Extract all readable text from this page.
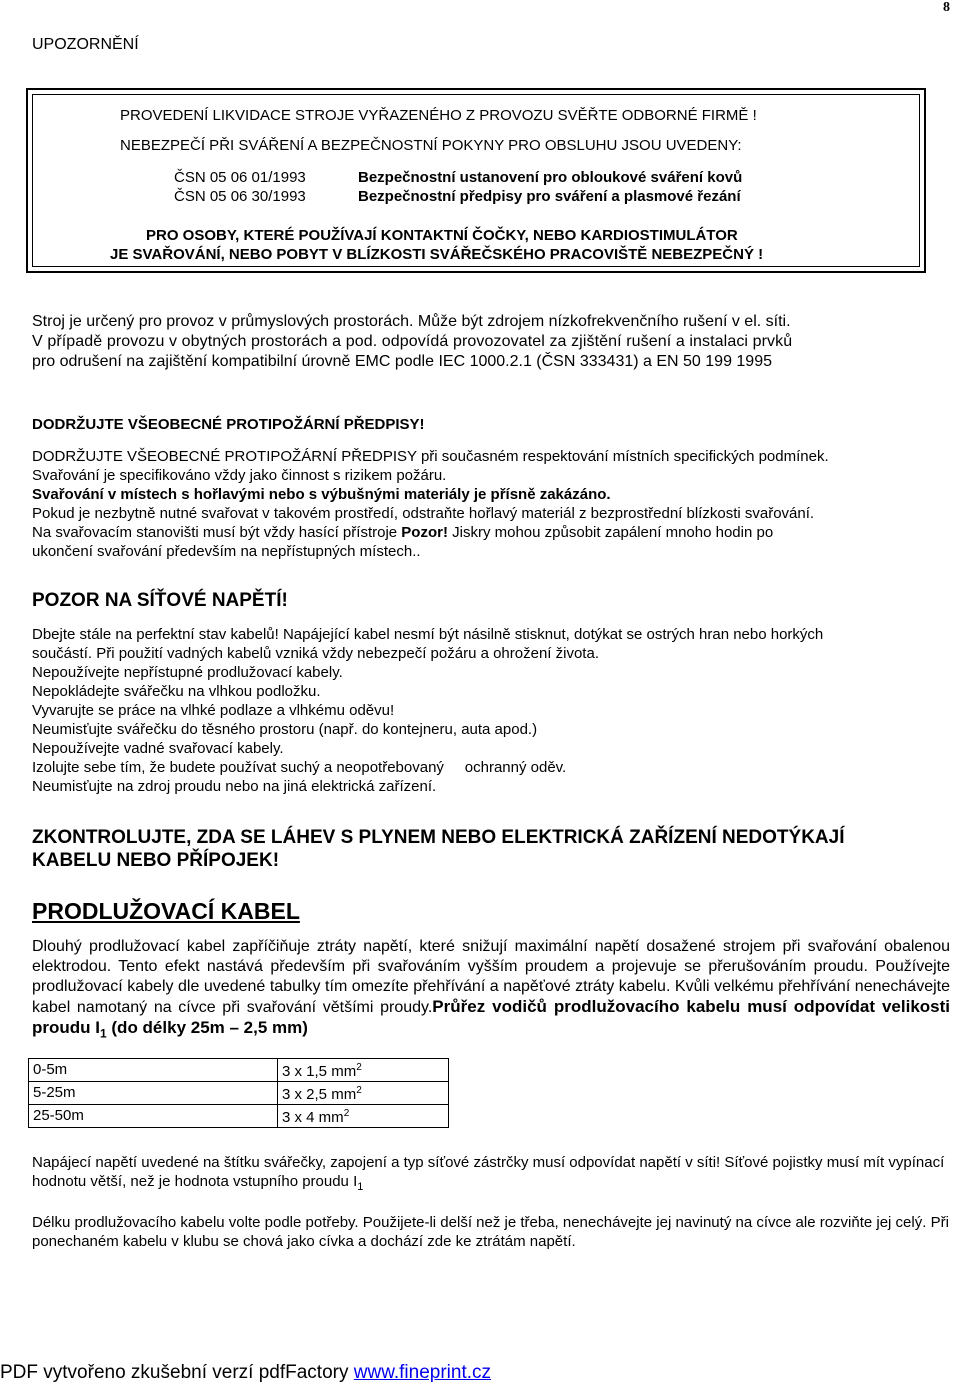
8
UPOZORNĚNÍ
PROVEDENÍ LIKVIDACE STROJE VYŘAZENÉHO Z PROVOZU SVĚŘTE ODBORNÉ FIRMĚ !
NEBEZPEČÍ PŘI SVÁŘENÍ A BEZPEČNOSTNÍ POKYNY PRO OBSLUHU JSOU UVEDENY:
ČSN 05 06 01/1993	Bezpečnostní ustanovení pro obloukové sváření kovů
ČSN 05 06 30/1993	Bezpečnostní předpisy pro sváření a plasmové řezání
PRO OSOBY, KTERÉ POUŽÍVAJÍ KONTAKTNÍ ČOČKY, NEBO KARDIOSTIMULÁTOR
JE SVAŘOVÁNÍ, NEBO POBYT V BLÍZKOSTI SVÁŘEČSKÉHO PRACOVIŠTĚ NEBEZPEČNÝ !
Stroj je určený pro provoz v průmyslových prostorách. Může být zdrojem nízkofrekvenčního rušení v el. síti.
V případě provozu v obytných prostorách a pod. odpovídá provozovatel za zjištění rušení a instalaci prvků
pro odrušení na zajištění kompatibilní úrovně EMC podle IEC 1000.2.1 (ČSN 333431) a EN 50 199 1995
DODRŽUJTE VŠEOBECNÉ PROTIPOŽÁRNÍ PŘEDPISY!
DODRŽUJTE VŠEOBECNÉ PROTIPOŽÁRNÍ PŘEDPISY při současném respektování místních specifických podmínek.
Svařování je specifikováno vždy jako činnost s rizikem požáru.
Svařování v místech s hořlavými nebo s výbušnými materiály je přísně zakázáno.
Pokud je nezbytně nutné svařovat v takovém prostředí, odstraňte hořlavý materiál z bezprostřední blízkosti svařování.
Na svařovacím stanovišti musí být vždy hasící přístroje Pozor! Jiskry mohou způsobit zapálení mnoho hodin po
ukončení svařování především na nepřístupných místech..
POZOR NA SÍŤOVÉ NAPĚTÍ!
Dbejte stále na perfektní stav kabelů! Napájející kabel nesmí být násilně stisknut, dotýkat se ostrých hran nebo horkých
součástí. Při použití vadných kabelů vzniká vždy nebezpečí požáru a ohrožení života.
Nepoužívejte nepřístupné prodlužovací kabely.
Nepokládejte svářečku na vlhkou podložku.
Vyvarujte se práce na vlhké podlaze a vlhkému oděvu!
Neumisťujte svářečku do těsného prostoru (např. do kontejneru, auta apod.)
Nepoužívejte vadné svařovací kabely.
Izolujte sebe tím, že budete používat suchý a neopotřebovaný     ochranný oděv.
Neumisťujte na zdroj proudu nebo na jiná elektrická zařízení.
ZKONTROLUJTE, ZDA SE LÁHEV S PLYNEM NEBO ELEKTRICKÁ ZAŘÍZENÍ NEDOTÝKAJÍ
KABELU NEBO PŘÍPOJEK!
PRODLUŽOVACÍ KABEL
Dlouhý prodlužovací kabel zapříčiňuje ztráty napětí, které snižují maximální napětí dosažené strojem při svařování obalenou elektrodou. Tento efekt nastává především při svařováním vyšším proudem a projevuje se přerušováním proudu. Používejte prodlužovací kabely dle uvedené tabulky tím omezíte přehřívání a napěťové ztráty kabelu. Kvůli velkému přehřívání nenechávejte kabel namotaný na cívce při svařování většími proudy.Průřez vodičů prodlužovacího kabelu musí odpovídat velikosti proudu $I_1$ (do délky 25m – 2,5 mm)
0-5m	3 x 1,5 $mm^2$
5-25m	3 x 2,5 $mm^2$
25-50m	3 x 4 $mm^2$
Napájecí napětí uvedené na štítku svářečky, zapojení a typ síťové zástrčky musí odpovídat napětí v síti! Síťové pojistky musí mít vypínací hodnotu větší, než je hodnota vstupního proudu $I_1$
Délku prodlužovacího kabelu volte podle potřeby. Použijete-li delší než je třeba, nenechávejte jej navinutý na cívce ale rozviňte jej celý. Při ponechaném kabelu v klubu se chová jako cívka a dochází zde ke ztrátám napětí.
PDF vytvořeno zkušební verzí pdfFactory www.fineprint.cz
